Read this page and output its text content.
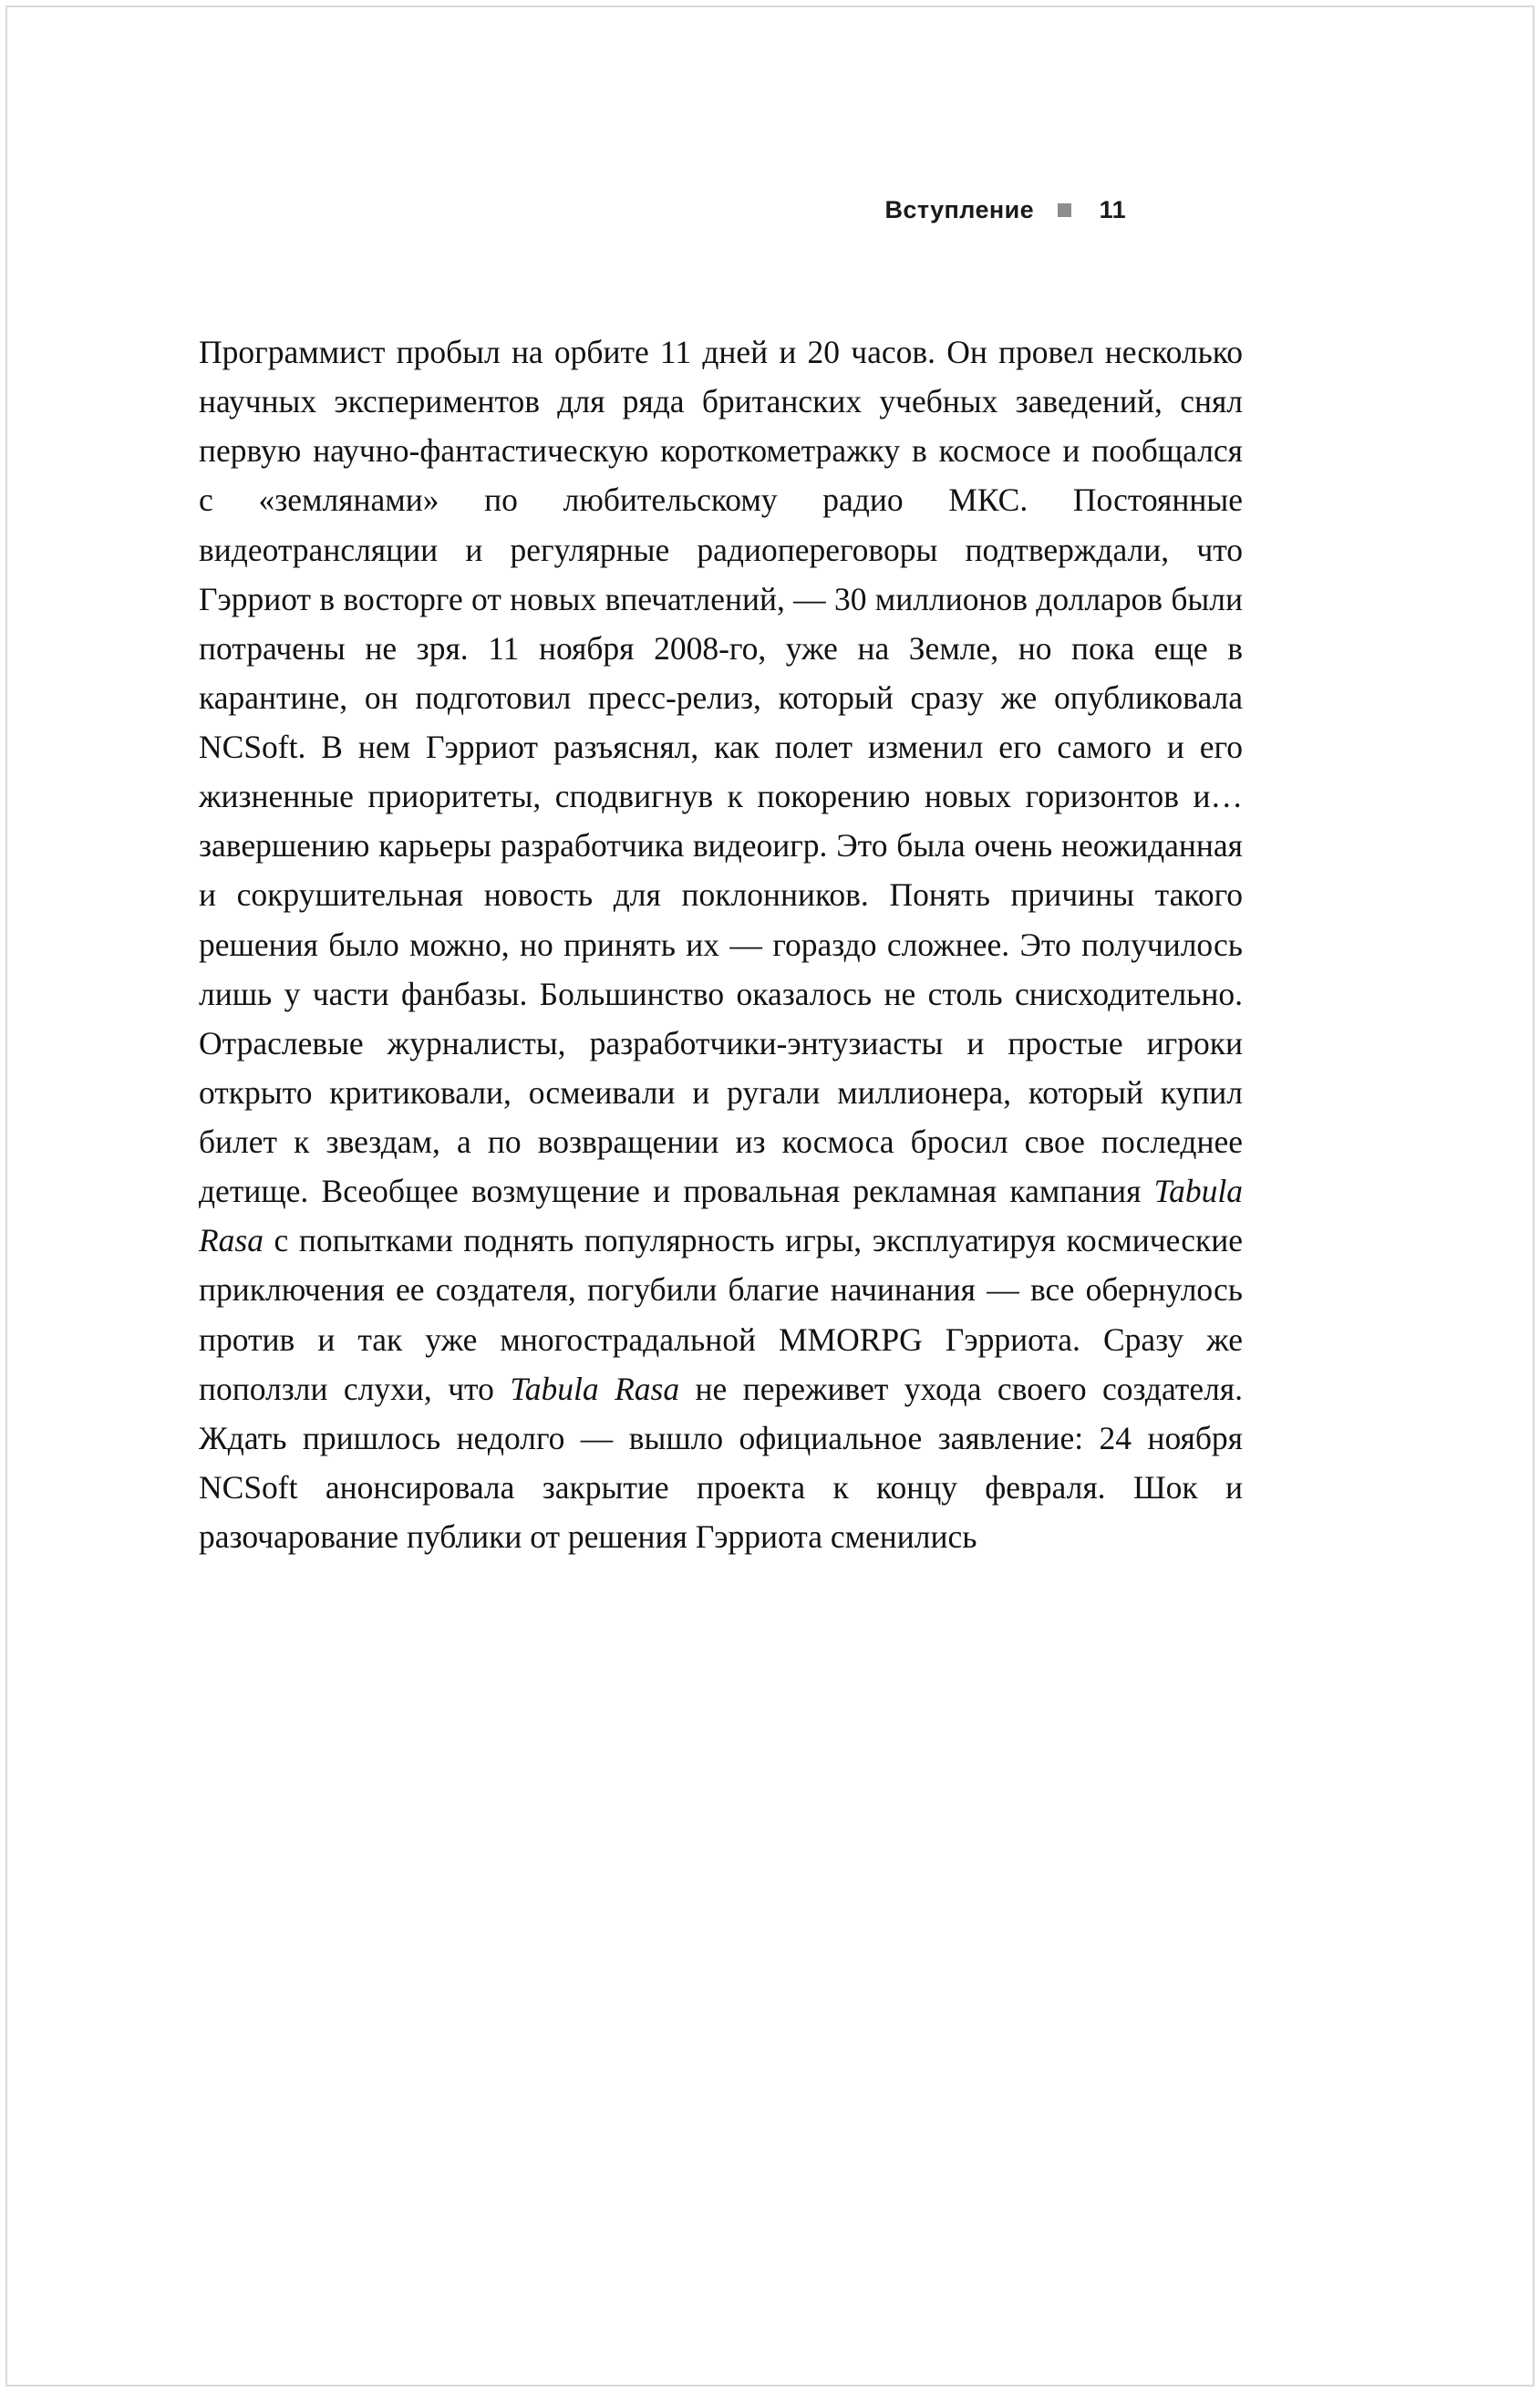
Вступление	11
Программист пробыл на орбите 11 дней и 20 часов. Он провел несколько научных экспериментов для ряда британских учебных заведений, снял первую научно-фантастическую короткометражку в космосе и пообщался с «землянами» по любительскому радио МКС. Постоянные видеотрансляции и регулярные радиопереговоры подтверждали, что Гэрриот в восторге от новых впечатлений, — 30 миллионов долларов были потрачены не зря. 11 ноября 2008-го, уже на Земле, но пока еще в карантине, он подготовил пресс-релиз, который сразу же опубликовала NCSoft. В нем Гэрриот разъяснял, как полет изменил его самого и его жизненные приоритеты, сподвигнув к покорению новых горизонтов и… завершению карьеры разработчика видеоигр. Это была очень неожиданная и сокрушительная новость для поклонников. Понять причины такого решения было можно, но принять их — гораздо сложнее. Это получилось лишь у части фанбазы. Большинство оказалось не столь снисходительно. Отраслевые журналисты, разработчики-энтузиасты и простые игроки открыто критиковали, осмеивали и ругали миллионера, который купил билет к звездам, а по возвращении из космоса бросил свое последнее детище. Всеобщее возмущение и провальная рекламная кампания Tabula Rasa с попытками поднять популярность игры, эксплуатируя космические приключения ее создателя, погубили благие начинания — все обернулось против и так уже многострадальной MMORPG Гэрриота. Сразу же поползли слухи, что Tabula Rasa не переживет ухода своего создателя. Ждать пришлось недолго — вышло официальное заявление: 24 ноября NCSoft анонсировала закрытие проекта к концу февраля. Шок и разочарование публики от решения Гэрриота сменились
